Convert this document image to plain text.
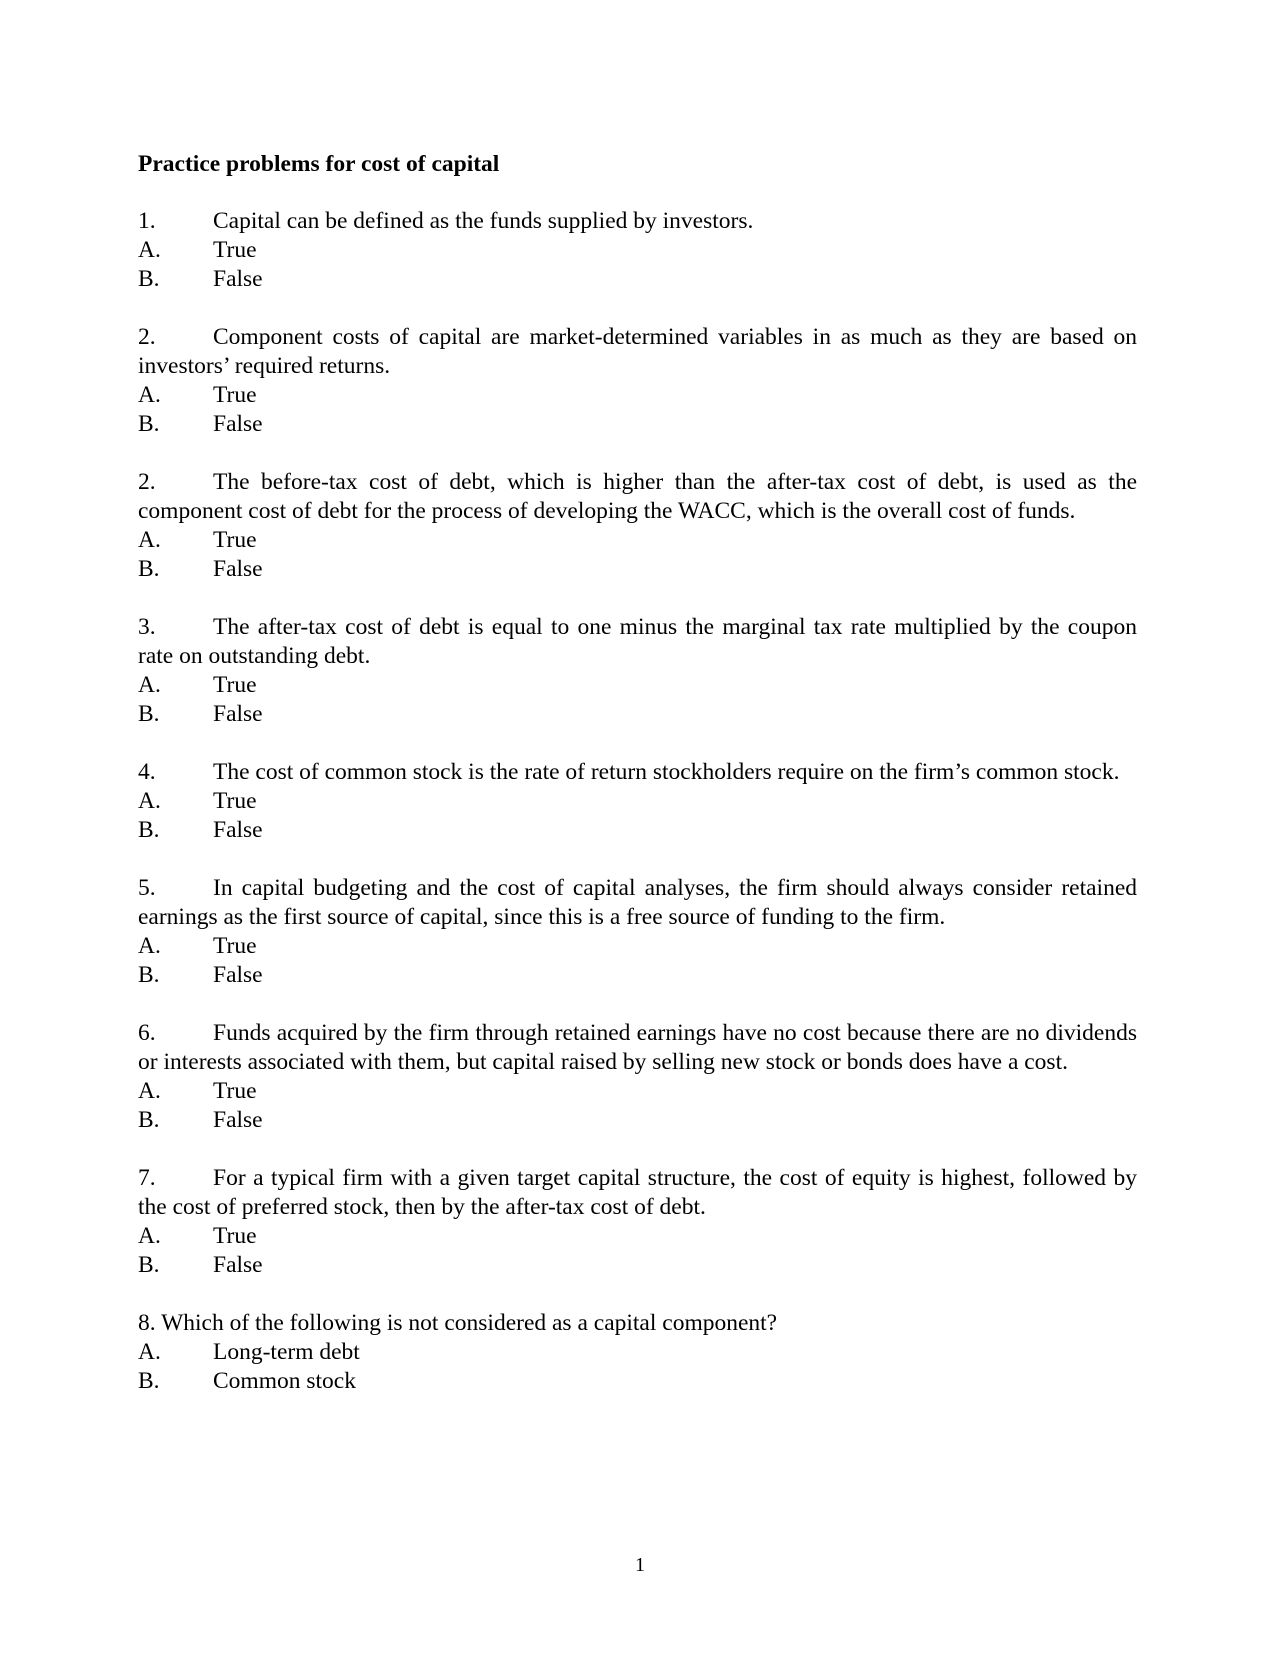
Practice problems for cost of capital
1. Capital can be defined as the funds supplied by investors.
A.	True
B.	False
2. Component costs of capital are market-determined variables in as much as they are based on investors’ required returns.
A.	True
B.	False
2. The before-tax cost of debt, which is higher than the after-tax cost of debt, is used as the component cost of debt for the process of developing the WACC, which is the overall cost of funds.
A.	True
B.	False
3. The after-tax cost of debt is equal to one minus the marginal tax rate multiplied by the coupon rate on outstanding debt.
A.	True
B.	False
4. The cost of common stock is the rate of return stockholders require on the firm’s common stock.
A.	True
B.	False
5. In capital budgeting and the cost of capital analyses, the firm should always consider retained earnings as the first source of capital, since this is a free source of funding to the firm.
A.	True
B.	False
6. Funds acquired by the firm through retained earnings have no cost because there are no dividends or interests associated with them, but capital raised by selling new stock or bonds does have a cost.
A.	True
B.	False
7. For a typical firm with a given target capital structure, the cost of equity is highest, followed by the cost of preferred stock, then by the after-tax cost of debt.
A.	True
B.	False
8. Which of the following is not considered as a capital component?
A.	Long-term debt
B.	Common stock
1
